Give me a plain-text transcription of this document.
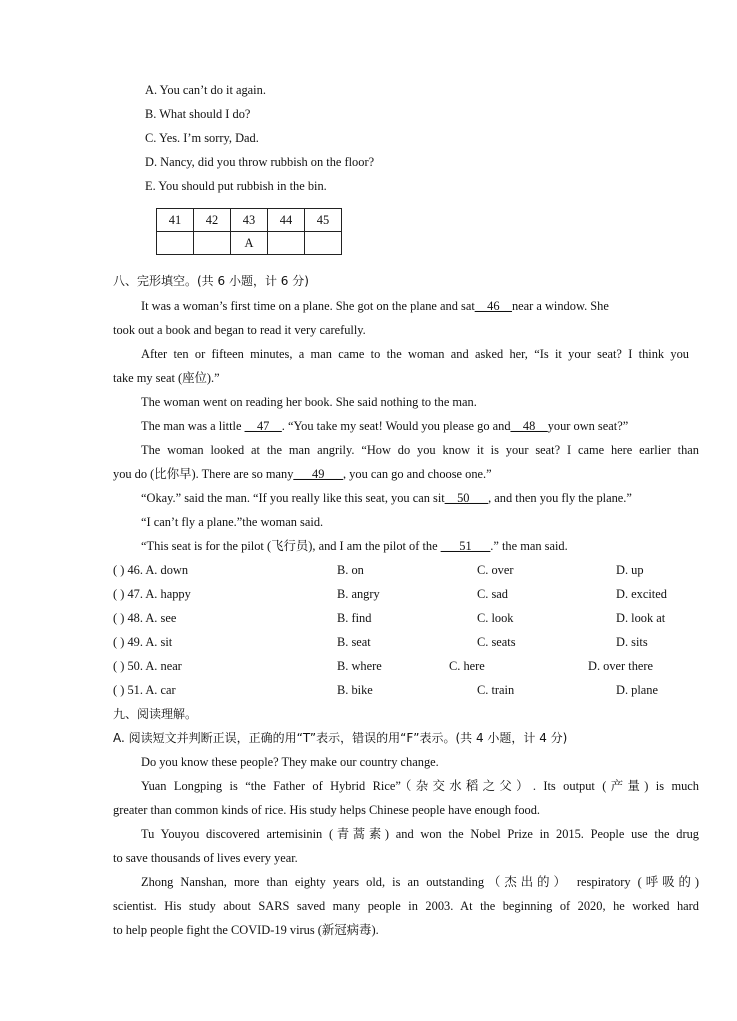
A. You can’t do it again.
B. What should I do?
C. Yes. I’m sorry, Dad.
D. Nancy, did you throw rubbish on the floor?
E. You should put rubbish in the bin.
41	42	43	44	45
		A		
八、完形填空。(共 6 小题，计 6 分)
It was a woman’s first time on a plane. She got on the plane and sat__46__near a window. She
took out a book and began to read it very carefully.
After ten or fifteen minutes, a man came to the woman and asked her, “Is it your seat? I think you
take my seat (座位).”
The woman went on reading her book. She said nothing to the man.
The man was a little __47__. “You take my seat! Would you please go and__48__your own seat?”
The woman looked at the man angrily. “How do you know it is your seat? I came here earlier than
you do (比你早). There are so many___49___, you can go and choose one.”
“Okay.” said the man. “If you really like this seat, you can sit__50___, and then you fly the plane.”
“I can’t fly a plane.”the woman said.
“This seat is for the pilot (飞行员), and I am the pilot of the ___51___.” the man said.
( ) 46. A. down	B. on	C. over	D. up
( ) 47. A. happy	B. angry	C. sad	D. excited
( ) 48. A. see	B. find	C. look	D. look at
( ) 49. A. sit	B. seat	C. seats	D. sits
( ) 50. A. near	B. where	C. here	D. over there
( ) 51. A. car	B. bike	C. train	D. plane
九、阅读理解。
A. 阅读短文并判断正误，正确的用“T”表示，错误的用“F”表示。(共 4 小题，计 4 分)
Do you know these people? They make our country change.
Yuan Longping is “the Father of Hybrid Rice”（杂交水稻之父）. Its output (产量) is much
greater than common kinds of rice. His study helps Chinese people have enough food.
Tu Youyou discovered artemisinin (青蒿素) and won the Nobel Prize in 2015. People use the drug
to save thousands of lives every year.
Zhong Nanshan, more than eighty years old, is an outstanding（杰出的） respiratory (呼吸的)
scientist. His study about SARS saved many people in 2003. At the beginning of 2020, he worked hard
to help people fight the COVID-19 virus (新冠病毒).
